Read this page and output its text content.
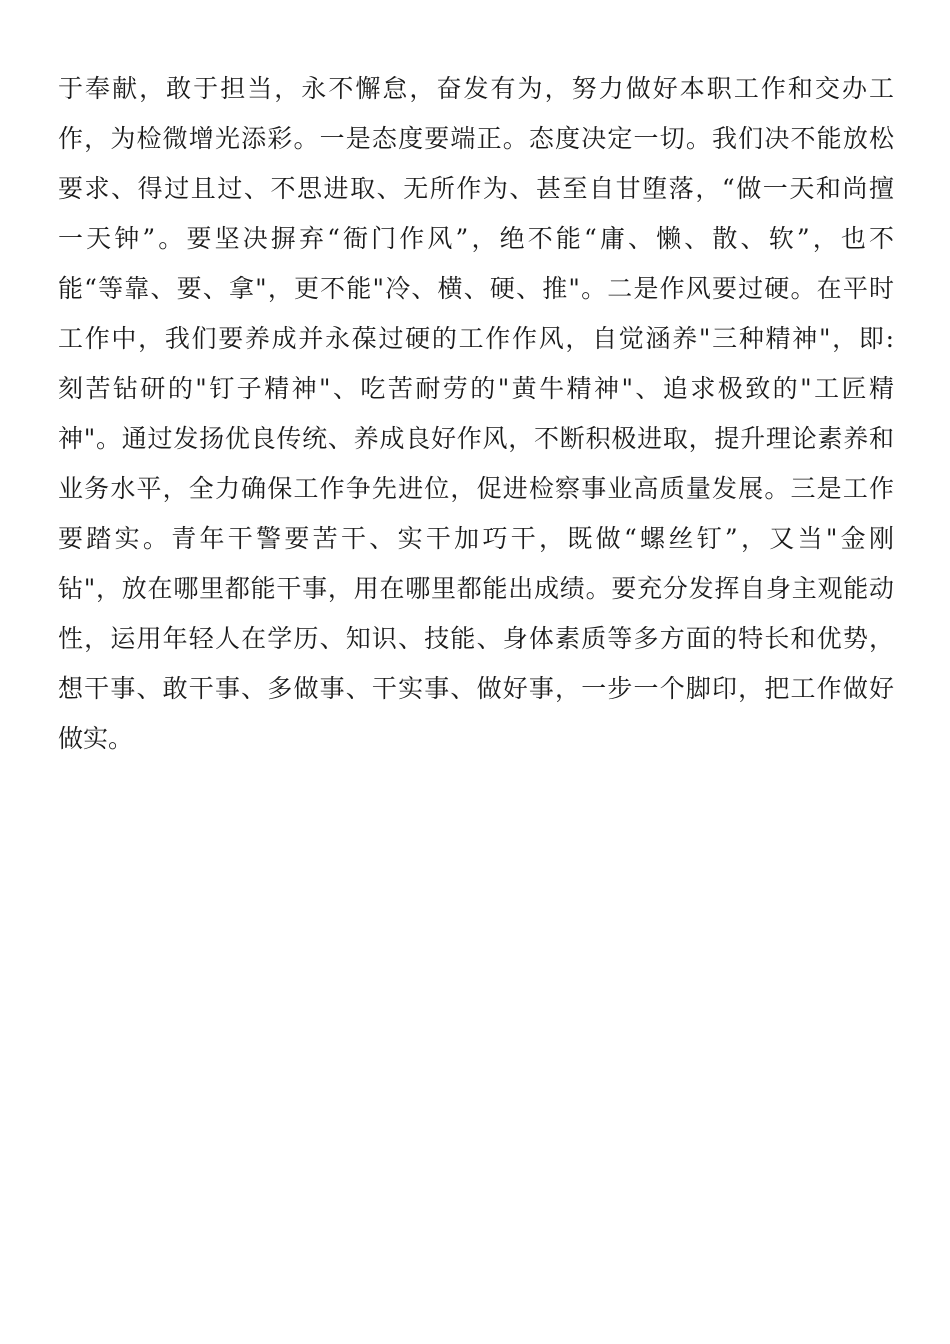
于奉献，敢于担当，永不懈怠，奋发有为，努力做好本职工作和交办工
作，为检微增光添彩。一是态度要端正。态度决定一切。我们决不能放松
要求、得过且过、不思进取、无所作为、甚至自甘堕落，“做一天和尚擅
一天钟”。要坚决摒弃“衙门作风”，绝不能“庸、懒、散、软”，也不
能“等靠、要、拿"，更不能"冷、横、硬、推"。二是作风要过硬。在平时
工作中，我们要养成并永葆过硬的工作作风，自觉涵养"三种精神"，即:
刻苦钻研的"钉子精神"、吃苦耐劳的"黄牛精神"、追求极致的"工匠精
神"。通过发扬优良传统、养成良好作风，不断积极进取，提升理论素养和
业务水平，全力确保工作争先进位，促进检察事业高质量发展。三是工作
要踏实。青年干警要苦干、实干加巧干，既做“螺丝钉”，又当"金刚
钻"，放在哪里都能干事，用在哪里都能出成绩。要充分发挥自身主观能动
性，运用年轻人在学历、知识、技能、身体素质等多方面的特长和优势，
想干事、敢干事、多做事、干实事、做好事，一步一个脚印，把工作做好
做实。
